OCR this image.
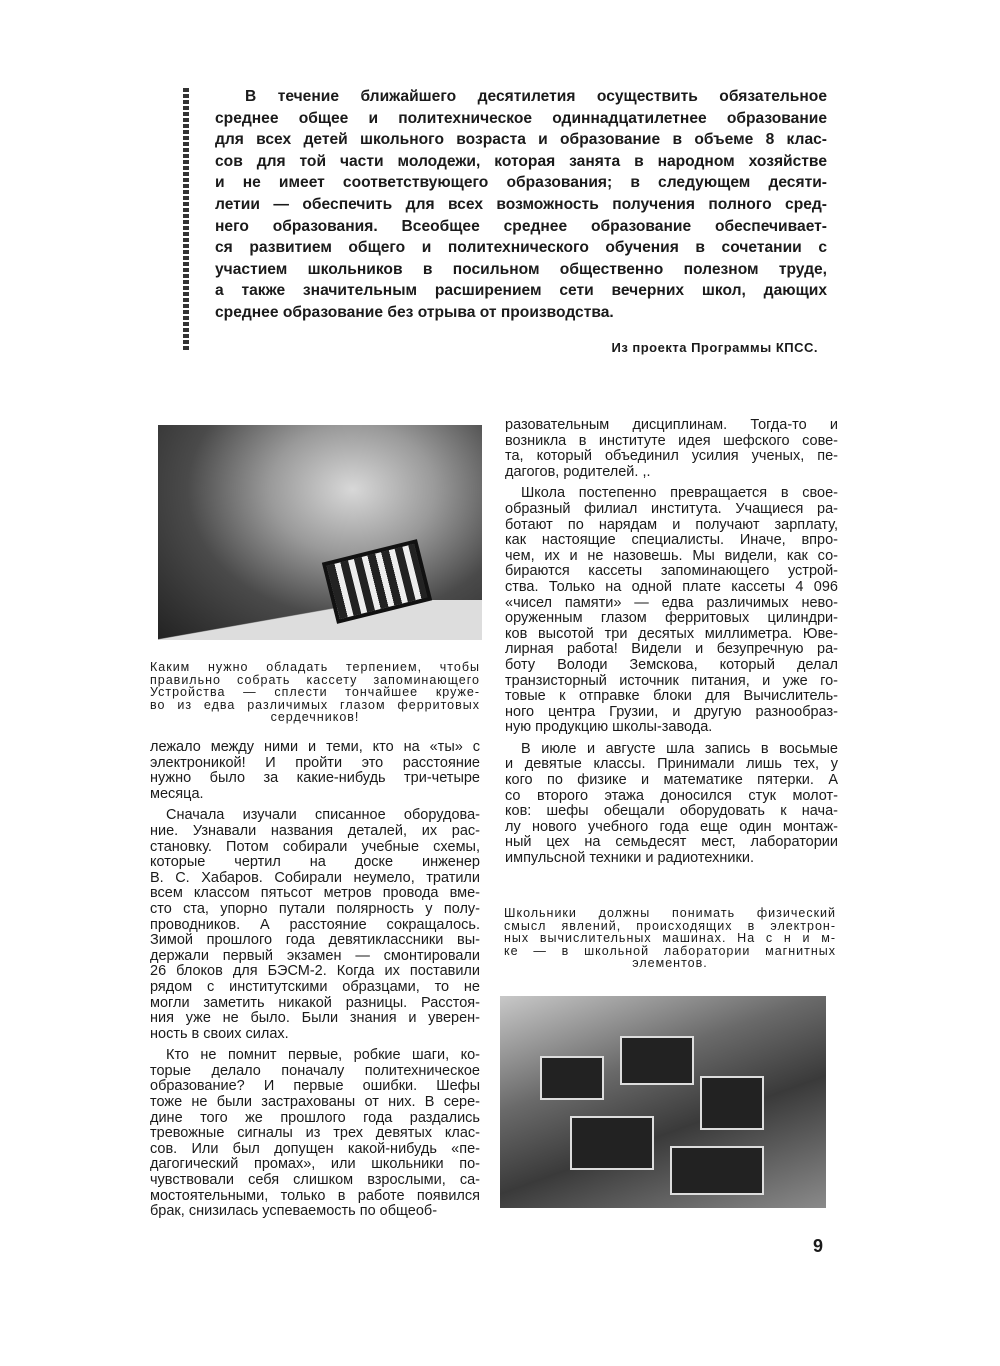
В течение ближайшего десятилетия осуществить обязательное
среднее общее и политехническое одиннадцатилетнее образование
для всех детей школьного возраста и образование в объеме 8 клас-
сов для той части молодежи, которая занята в народном хозяйстве
и не имеет соответствующего образования; в следующем десяти-
летии — обеспечить для всех возможность получения полного сред-
него образования. Всеобщее среднее образование обеспечивает-
ся развитием общего и политехнического обучения в сочетании с
участием школьников в посильном общественно полезном труде,
а также значительным расширением сети вечерних школ, дающих
среднее образование без отрыва от производства.
Из проекта Программы КПСС.
Каким нужно обладать терпением, чтобы
правильно собрать кассету запоминающего
Устройства — сплести тончайшее круже-
во из едва различимых глазом ферритовых
сердечников!
лежало между ними и теми, кто на «ты» с
электроникой! И пройти это расстояние
нужно было за какие-нибудь три-четыре
месяца.
Сначала изучали списанное оборудова-
ние. Узнавали названия деталей, их рас-
становку. Потом собирали учебные схемы,
которые чертил на доске инженер
В. С. Хабаров. Собирали неумело, тратили
всем классом пятьсот метров провода вме-
сто ста, упорно путали полярность у полу-
проводников. А расстояние сокращалось.
Зимой прошлого года девятиклассники вы-
держали первый экзамен — смонтировали
26 блоков для БЭСМ-2. Когда их поставили
рядом с институтскими образцами, то не
могли заметить никакой разницы. Расстоя-
ния уже не было. Были знания и уверен-
ность в своих силах.
Кто не помнит первые, робкие шаги, ко-
торые делало поначалу политехническое
образование? И первые ошибки. Шефы
тоже не были застрахованы от них. В сере-
дине того же прошлого года раздались
тревожные сигналы из трех девятых клас-
сов. Или был допущен какой-нибудь «пе-
дагогический промах», или школьники по-
чувствовали себя слишком взрослыми, са-
мостоятельными, только в работе появился
брак, снизилась успеваемость по общеоб-
разовательным дисциплинам. Тогда-то и
возникла в институте идея шефского сове-
та, который объединил усилия ученых, пе-
дагогов, родителей. ,.
Школа постепенно превращается в свое-
образный филиал института. Учащиеся ра-
ботают по нарядам и получают зарплату,
как настоящие специалисты. Иначе, впро-
чем, их и не назовешь. Мы видели, как со-
бираются кассеты запоминающего устрой-
ства. Только на одной плате кассеты 4 096
«чисел памяти» — едва различимых нево-
оруженным глазом ферритовых цилиндри-
ков высотой три десятых миллиметра. Юве-
лирная работа! Видели и безупречную ра-
боту Володи Земскова, который делал
транзисторный источник питания, и уже го-
товые к отправке блоки для Вычислитель-
ного центра Грузии, и другую разнообраз-
ную продукцию школы-завода.
В июле и августе шла запись в восьмые
и девятые классы. Принимали лишь тех, у
кого по физике и математике пятерки. А
со второго этажа доносился стук молот-
ков: шефы обещали оборудовать к нача-
лу нового учебного года еще один монтаж-
ный цех на семьдесят мест, лаборатории
импульсной техники и радиотехники.
Школьники должны понимать физический
смысл явлений, происходящих в электрон-
ных вычислительных машинах. На с н и м-
ке — в школьной лаборатории магнитных
элементов.
9
